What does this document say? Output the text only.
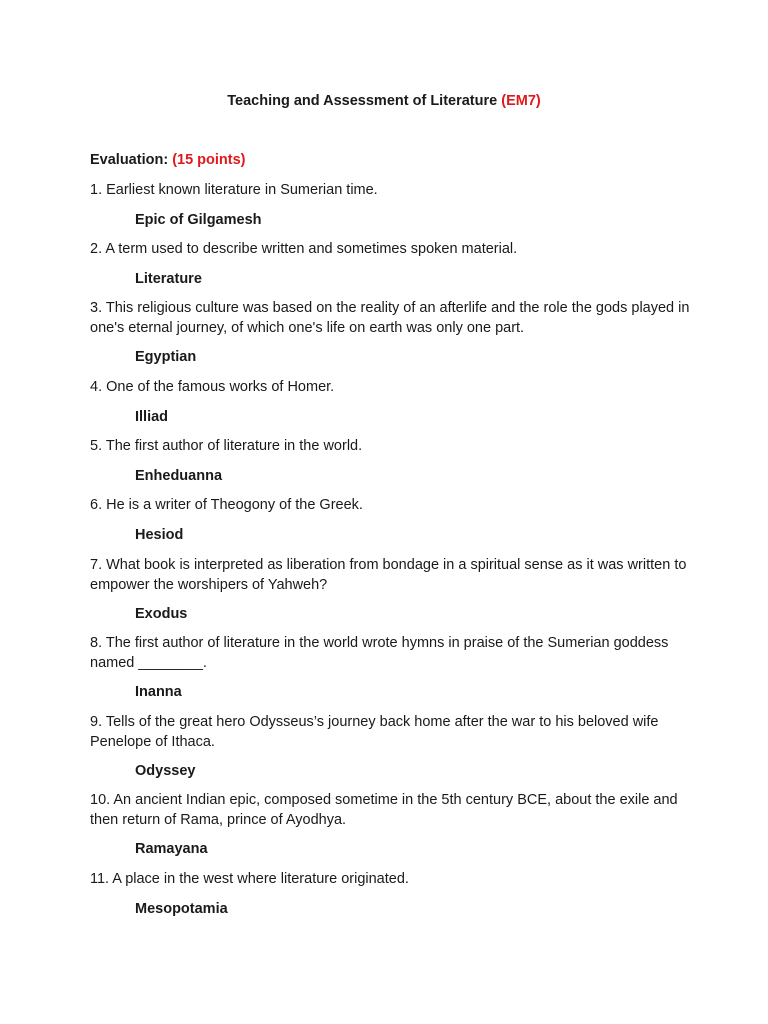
Teaching and Assessment of Literature (EM7)
Evaluation: (15 points)

1. Earliest known literature in Sumerian time.

Epic of Gilgamesh

2. A term used to describe written and sometimes spoken material.

Literature

3. This religious culture was based on the reality of an afterlife and the role the gods played in one's eternal journey, of which one's life on earth was only one part.

Egyptian

4. One of the famous works of Homer.

Illiad

5. The first author of literature in the world.

Enheduanna

6. He is a writer of Theogony of the Greek.

Hesiod

7. What book is interpreted as liberation from bondage in a spiritual sense as it was written to empower the worshipers of Yahweh?

Exodus

8. The first author of literature in the world wrote hymns in praise of the Sumerian goddess named ________.

Inanna

9. Tells of the great hero Odysseus’s journey back home after the war to his beloved wife Penelope of Ithaca.

Odyssey

10. An ancient Indian epic, composed sometime in the 5th century BCE, about the exile and then return of Rama, prince of Ayodhya.

Ramayana

11. A place in the west where literature originated.

Mesopotamia
